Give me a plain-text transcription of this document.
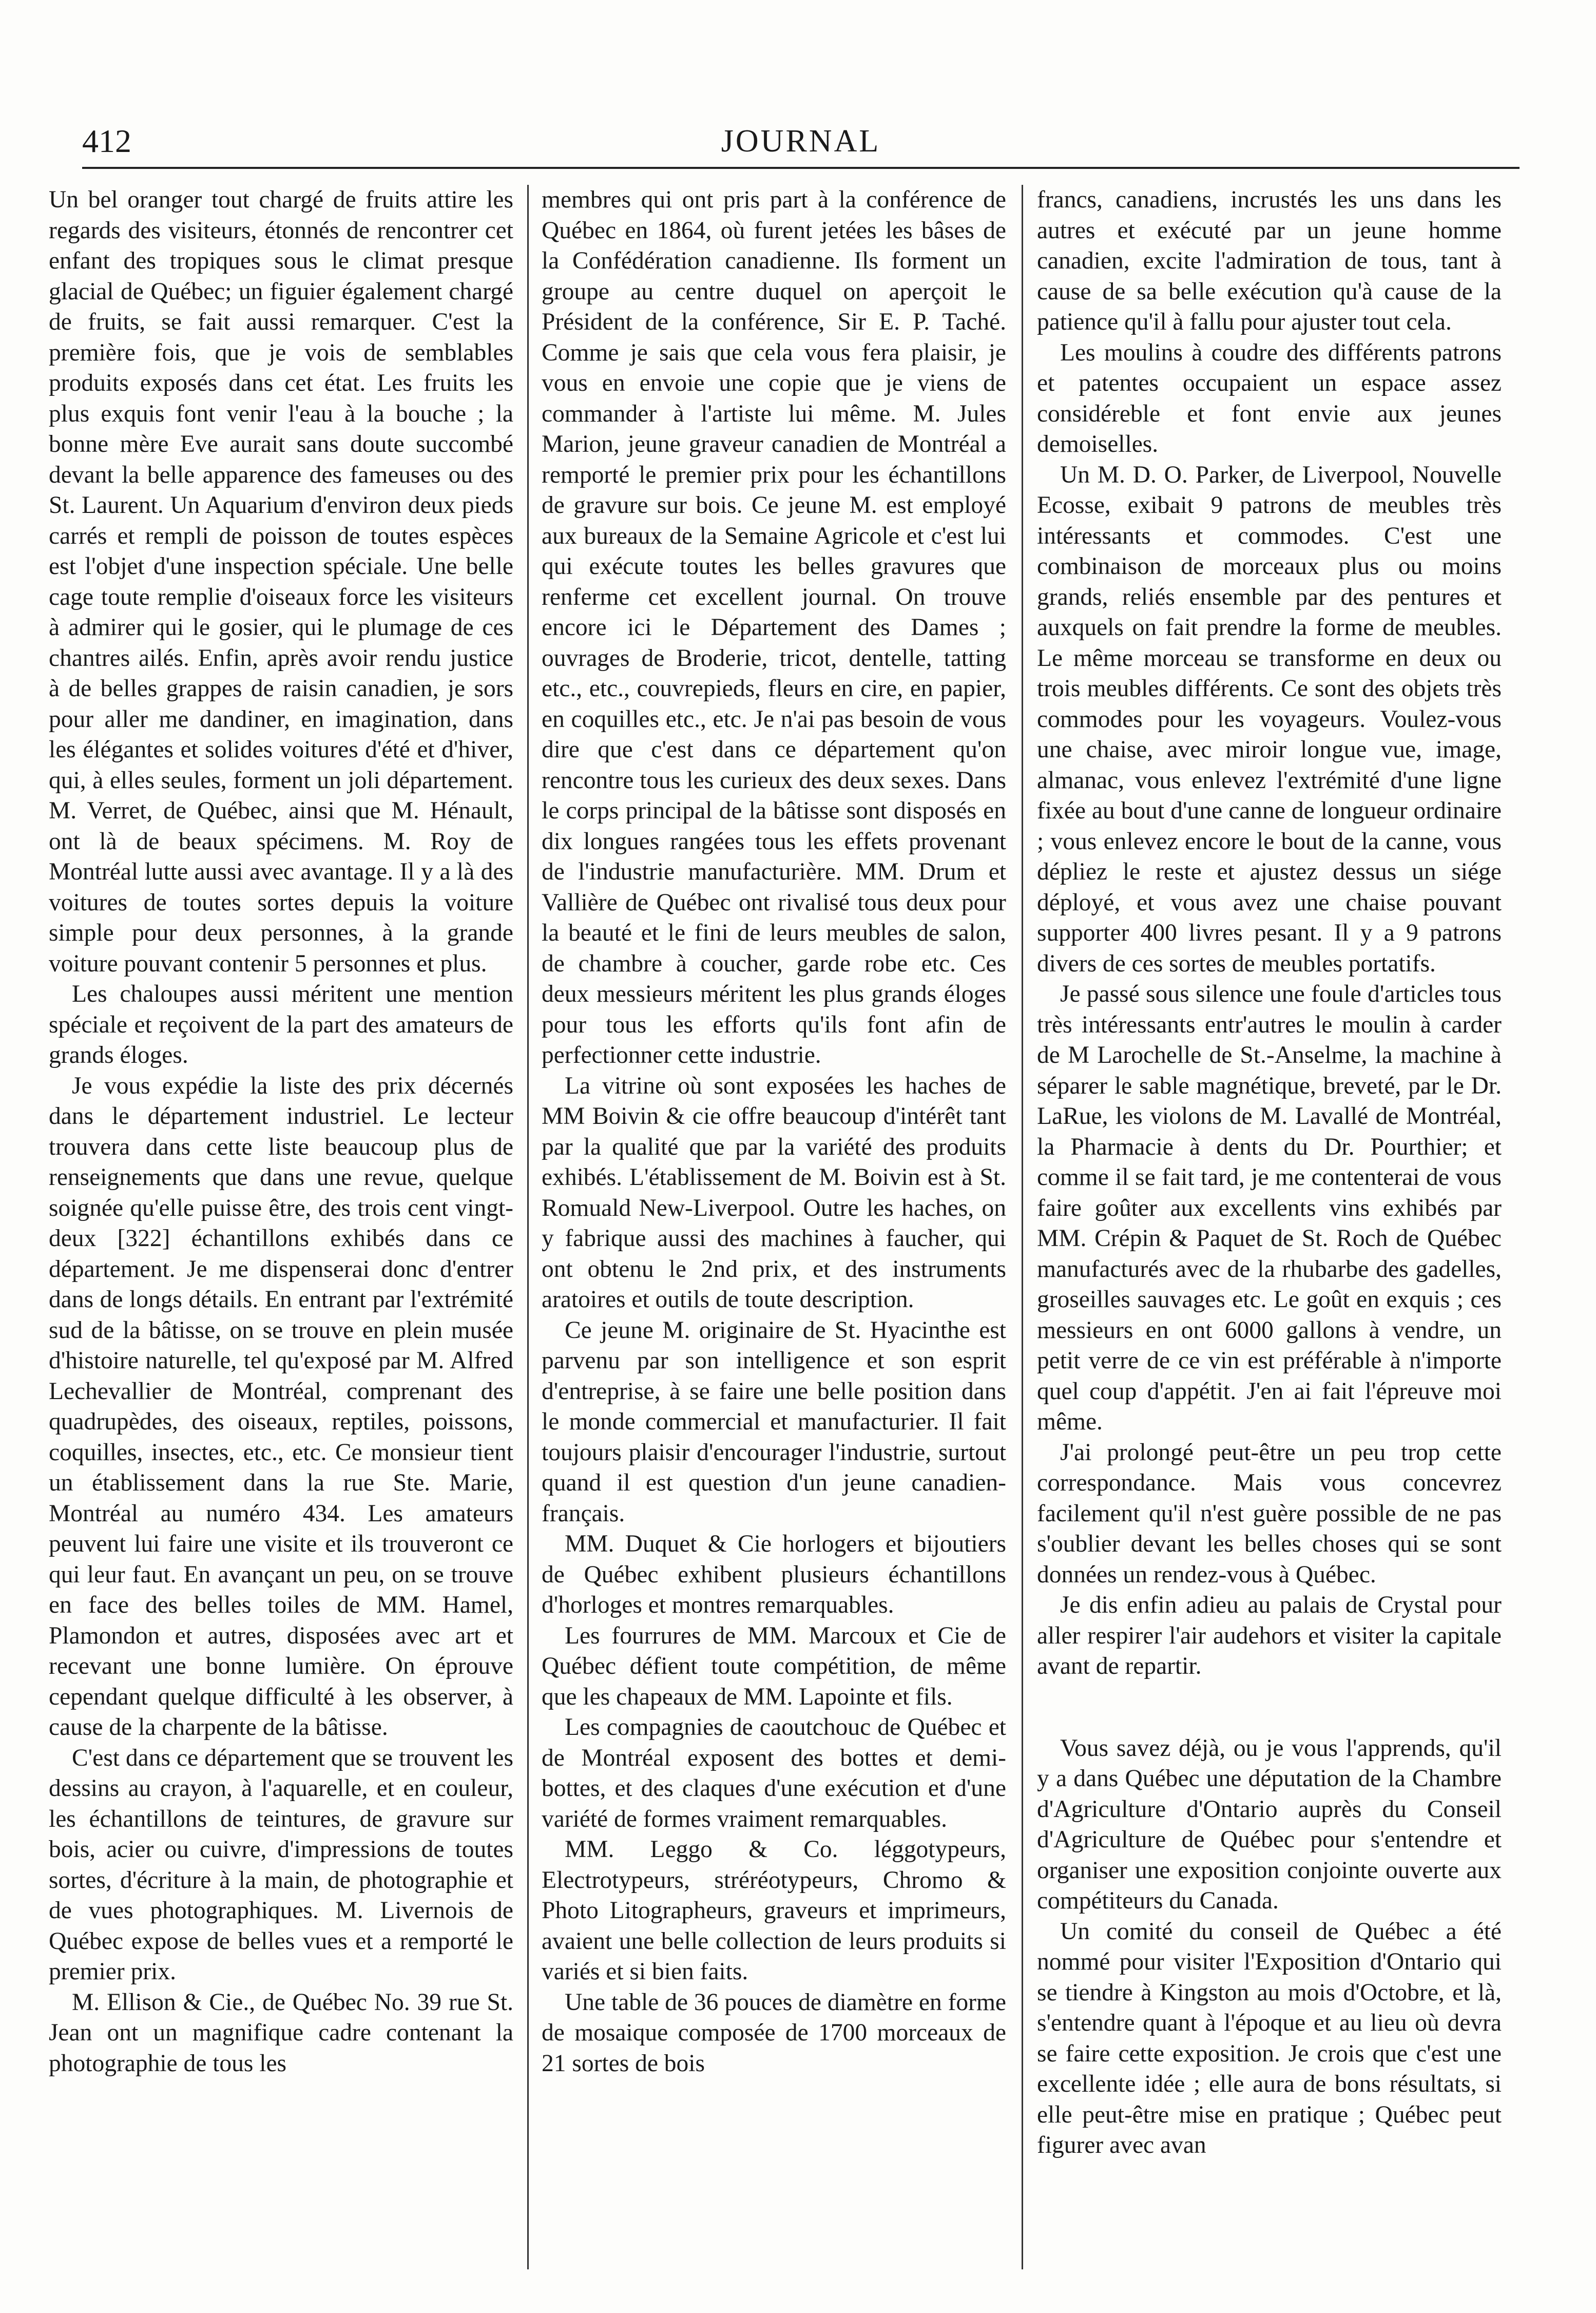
412	JOURNAL

Un bel oranger tout chargé de fruits attire les regards des visiteurs, étonnés de rencontrer cet enfant des tropiques sous le climat presque glacial de Québec; un figuier également chargé de fruits, se fait aussi remarquer. C'est la première fois, que je vois de semblables produits exposés dans cet état. Les fruits les plus exquis font venir l'eau à la bouche ; la bonne mère Eve aurait sans doute succombé devant la belle apparence des fameuses ou des St. Laurent. Un Aquarium d'environ deux pieds carrés et rempli de poisson de toutes espèces est l'objet d'une inspection spéciale. Une belle cage toute remplie d'oiseaux force les visiteurs à admirer qui le gosier, qui le plumage de ces chantres ailés. Enfin, après avoir rendu justice à de belles grappes de raisin canadien, je sors pour aller me dandiner, en imagination, dans les élégantes et solides voitures d'été et d'hiver, qui, à elles seules, forment un joli département. M. Verret, de Québec, ainsi que M. Hénault, ont là de beaux spécimens. M. Roy de Montréal lutte aussi avec avantage. Il y a là des voitures de toutes sortes depuis la voiture simple pour deux personnes, à la grande voiture pouvant contenir 5 personnes et plus.

Les chaloupes aussi méritent une mention spéciale et reçoivent de la part des amateurs de grands éloges.

Je vous expédie la liste des prix décernés dans le département industriel. Le lecteur trouvera dans cette liste beaucoup plus de renseignements que dans une revue, quelque soignée qu'elle puisse être, des trois cent vingt-deux [322] échantillons exhibés dans ce département. Je me dispenserai donc d'entrer dans de longs détails. En entrant par l'extrémité sud de la bâtisse, on se trouve en plein musée d'histoire naturelle, tel qu'exposé par M. Alfred Lechevallier de Montréal, comprenant des quadrupèdes, des oiseaux, reptiles, poissons, coquilles, insectes, etc., etc. Ce monsieur tient un établissement dans la rue Ste. Marie, Montréal au numéro 434. Les amateurs peuvent lui faire une visite et ils trouveront ce qui leur faut. En avançant un peu, on se trouve en face des belles toiles de MM. Hamel, Plamondon et autres, disposées avec art et recevant une bonne lumière. On éprouve cependant quelque difficulté à les observer, à cause de la charpente de la bâtisse.

C'est dans ce département que se trouvent les dessins au crayon, à l'aquarelle, et en couleur, les échantillons de teintures, de gravure sur bois, acier ou cuivre, d'impressions de toutes sortes, d'écriture à la main, de photographie et de vues photographiques. M. Livernois de Québec expose de belles vues et a remporté le premier prix.

M. Ellison & Cie., de Québec No. 39 rue St. Jean ont un magnifique cadre contenant la photographie de tous les

membres qui ont pris part à la conférence de Québec en 1864, où furent jetées les bâses de la Confédération canadienne. Ils forment un groupe au centre duquel on aperçoit le Président de la conférence, Sir E. P. Taché. Comme je sais que cela vous fera plaisir, je vous en envoie une copie que je viens de commander à l'artiste lui même. M. Jules Marion, jeune graveur canadien de Montréal a remporté le premier prix pour les échantillons de gravure sur bois. Ce jeune M. est employé aux bureaux de la Semaine Agricole et c'est lui qui exécute toutes les belles gravures que renferme cet excellent journal. On trouve encore ici le Département des Dames ; ouvrages de Broderie, tricot, dentelle, tatting etc., etc., couvrepieds, fleurs en cire, en papier, en coquilles etc., etc. Je n'ai pas besoin de vous dire que c'est dans ce département qu'on rencontre tous les curieux des deux sexes. Dans le corps principal de la bâtisse sont disposés en dix longues rangées tous les effets provenant de l'industrie manufacturière. MM. Drum et Vallière de Québec ont rivalisé tous deux pour la beauté et le fini de leurs meubles de salon, de chambre à coucher, garde robe etc. Ces deux messieurs méritent les plus grands éloges pour tous les efforts qu'ils font afin de perfectionner cette industrie.

La vitrine où sont exposées les haches de MM Boivin & cie offre beaucoup d'intérêt tant par la qualité que par la variété des produits exhibés. L'établissement de M. Boivin est à St. Romuald New-Liverpool. Outre les haches, on y fabrique aussi des machines à faucher, qui ont obtenu le 2nd prix, et des instruments aratoires et outils de toute description.

Ce jeune M. originaire de St. Hyacinthe est parvenu par son intelligence et son esprit d'entreprise, à se faire une belle position dans le monde commercial et manufacturier. Il fait toujours plaisir d'encourager l'industrie, surtout quand il est question d'un jeune canadien-français.

MM. Duquet & Cie horlogers et bijoutiers de Québec exhibent plusieurs échantillons d'horloges et montres remarquables.

Les fourrures de MM. Marcoux et Cie de Québec défient toute compétition, de même que les chapeaux de MM. Lapointe et fils.

Les compagnies de caoutchouc de Québec et de Montréal exposent des bottes et demi-bottes, et des claques d'une exécution et d'une variété de formes vraiment remarquables.

MM. Leggo & Co. léggotypeurs, Electrotypeurs, stréréotypeurs, Chromo & Photo Litographeurs, graveurs et imprimeurs, avaient une belle collection de leurs produits si variés et si bien faits.

Une table de 36 pouces de diamètre en forme de mosaique composée de 1700 morceaux de 21 sortes de bois

francs, canadiens, incrustés les uns dans les autres et exécuté par un jeune homme canadien, excite l'admiration de tous, tant à cause de sa belle exécution qu'à cause de la patience qu'il à fallu pour ajuster tout cela.

Les moulins à coudre des différents patrons et patentes occupaient un espace assez considéreble et font envie aux jeunes demoiselles.

Un M. D. O. Parker, de Liverpool, Nouvelle Ecosse, exibait 9 patrons de meubles très intéressants et commodes. C'est une combinaison de morceaux plus ou moins grands, reliés ensemble par des pentures et auxquels on fait prendre la forme de meubles. Le même morceau se transforme en deux ou trois meubles différents. Ce sont des objets très commodes pour les voyageurs. Voulez-vous une chaise, avec miroir longue vue, image, almanac, vous enlevez l'extrémité d'une ligne fixée au bout d'une canne de longueur ordinaire ; vous enlevez encore le bout de la canne, vous dépliez le reste et ajustez dessus un siége déployé, et vous avez une chaise pouvant supporter 400 livres pesant. Il y a 9 patrons divers de ces sortes de meubles portatifs.

Je passé sous silence une foule d'articles tous très intéressants entr'autres le moulin à carder de M Larochelle de St.-Anselme, la machine à séparer le sable magnétique, breveté, par le Dr. LaRue, les violons de M. Lavallé de Montréal, la Pharmacie à dents du Dr. Pourthier; et comme il se fait tard, je me contenterai de vous faire goûter aux excellents vins exhibés par MM. Crépin & Paquet de St. Roch de Québec manufacturés avec de la rhubarbe des gadelles, groseilles sauvages etc. Le goût en exquis ; ces messieurs en ont 6000 gallons à vendre, un petit verre de ce vin est préférable à n'importe quel coup d'appétit. J'en ai fait l'épreuve moi même.

J'ai prolongé peut-être un peu trop cette correspondance. Mais vous concevrez facilement qu'il n'est guère possible de ne pas s'oublier devant les belles choses qui se sont données un rendez-vous à Québec.

Je dis enfin adieu au palais de Crystal pour aller respirer l'air audehors et visiter la capitale avant de repartir.

Vous savez déjà, ou je vous l'apprends, qu'il y a dans Québec une députation de la Chambre d'Agriculture d'Ontario auprès du Conseil d'Agriculture de Québec pour s'entendre et organiser une exposition conjointe ouverte aux compétiteurs du Canada.

Un comité du conseil de Québec a été nommé pour visiter l'Exposition d'Ontario qui se tiendre à Kingston au mois d'Octobre, et là, s'entendre quant à l'époque et au lieu où devra se faire cette exposition. Je crois que c'est une excellente idée ; elle aura de bons résultats, si elle peut-être mise en pratique ; Québec peut figurer avec avan
